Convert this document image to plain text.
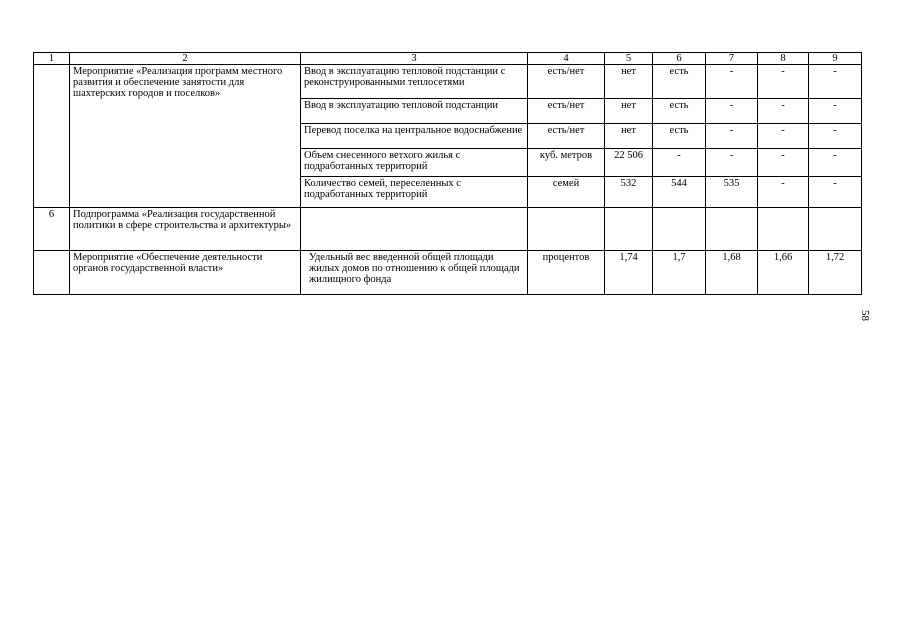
1	2	3	4	5	6	7	8	9
	Мероприятие «Реализация программ местного развития и обеспечение занятости для шахтерских городов и поселков»	Ввод в эксплуатацию тепловой подстанции с реконструированными теплосетями	есть/нет	нет	есть	-	-	-
		Ввод в эксплуатацию тепловой подстанции	есть/нет	нет	есть	-	-	-
		Перевод поселка на центральное водоснабжение	есть/нет	нет	есть	-	-	-
		Объем снесенного ветхого жилья с подработанных территорий	куб. метров	22 506	-	-	-	-
		Количество семей, переселенных с подработанных территорий	семей	532	544	535	-	-
6	Подпрограмма «Реализация государственной политики в сфере строительства и архитектуры»							
	Мероприятие «Обеспечение деятельности органов государственной власти»	Удельный вес введенной общей площади жилых домов по отношению к общей площади жилищного фонда	процентов	1,74	1,7	1,68	1,66	1,72
58
